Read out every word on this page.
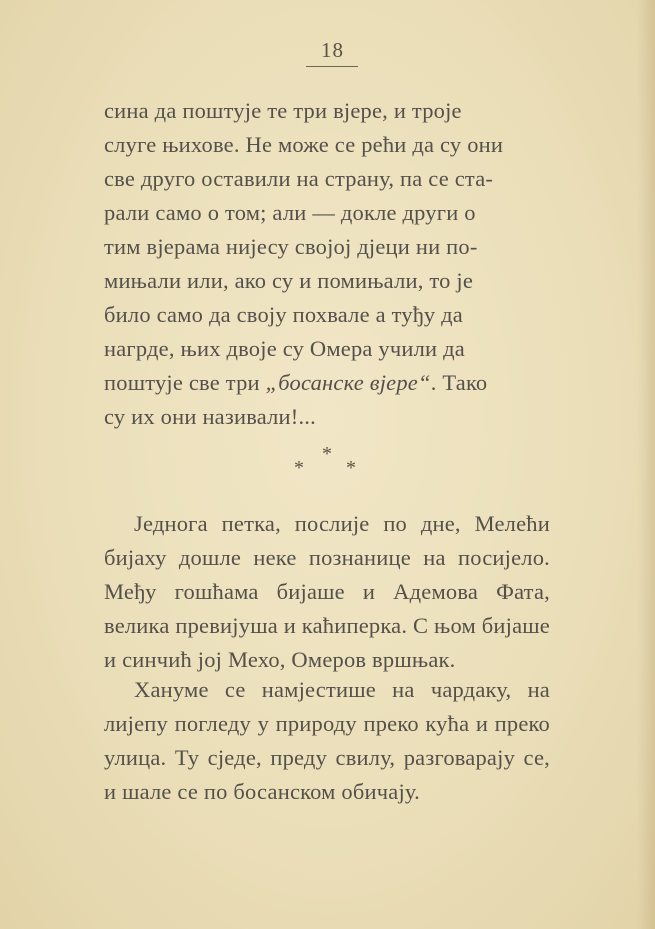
18

сина да поштује те три вјере, и троје

слуге њихове. Не може се рећи да су они

све друго оставили на страну, па се ста-

рали само о том; али — докле други о

тим вјерама нијесу својој дјеци ни по-

мињали или, ако су и помињали, то је

било само да своју похвале а туђу да

нагрде, њих двоје су Омера учили да

поштује све три „босанске вјере“. Тако

су их они називали!...

*
* *

Једнога петка, послије по дне, Мелећи бијаху дошле неке познанице на посијело. Међу гошћама бијаше и Адемова Фата, велика превијуша и каћиперка. С њом бијаше и синчић јој Мехо, Омеров вршњак.

Хануме се намјестише на чардаку, на лијепу погледу у природу преко кућа и преко улица. Ту сједе, преду свилу, разговарају се, и шале се по босанском обичају.
